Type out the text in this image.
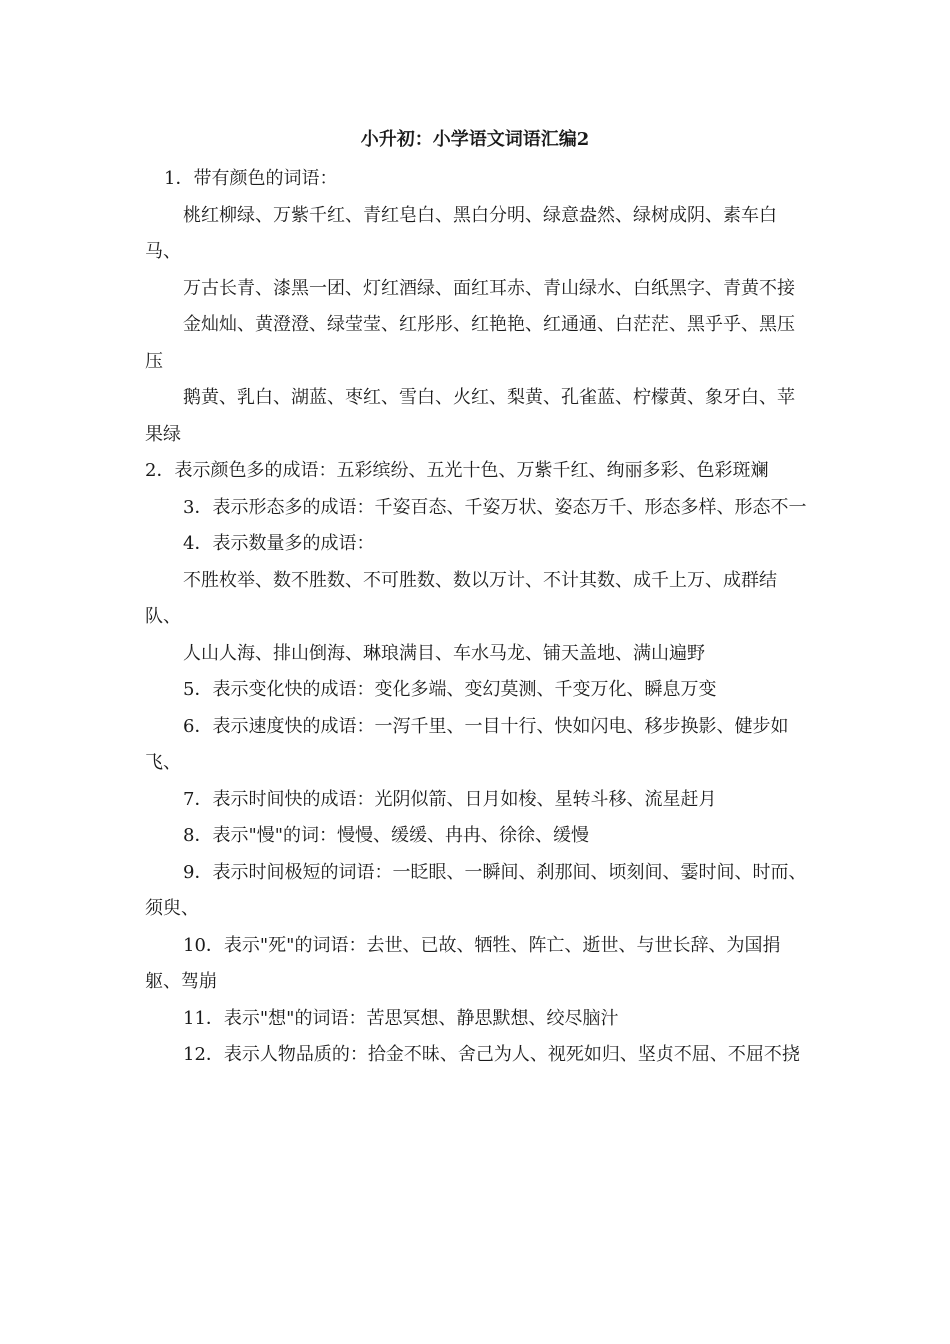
小升初：小学语文词语汇编2

1．带有颜色的词语：

桃红柳绿、万紫千红、青红皂白、黑白分明、绿意盎然、绿树成阴、素车白马、

万古长青、漆黑一团、灯红酒绿、面红耳赤、青山绿水、白纸黑字、青黄不接

金灿灿、黄澄澄、绿莹莹、红彤彤、红艳艳、红通通、白茫茫、黑乎乎、黑压压

鹅黄、乳白、湖蓝、枣红、雪白、火红、梨黄、孔雀蓝、柠檬黄、象牙白、苹果绿

2．表示颜色多的成语：五彩缤纷、五光十色、万紫千红、绚丽多彩、色彩斑斓

3．表示形态多的成语：千姿百态、千姿万状、姿态万千、形态多样、形态不一

4．表示数量多的成语：

不胜枚举、数不胜数、不可胜数、数以万计、不计其数、成千上万、成群结队、

人山人海、排山倒海、琳琅满目、车水马龙、铺天盖地、满山遍野

5．表示变化快的成语：变化多端、变幻莫测、千变万化、瞬息万变

6．表示速度快的成语：一泻千里、一目十行、快如闪电、移步换影、健步如飞、

7．表示时间快的成语：光阴似箭、日月如梭、星转斗移、流星赶月

8．表示"慢"的词：慢慢、缓缓、冉冉、徐徐、缓慢

9．表示时间极短的词语：一眨眼、一瞬间、刹那间、顷刻间、霎时间、时而、须臾、

10．表示"死"的词语：去世、已故、牺牲、阵亡、逝世、与世长辞、为国捐躯、驾崩

11．表示"想"的词语：苦思冥想、静思默想、绞尽脑汁

12．表示人物品质的：拾金不昧、舍己为人、视死如归、坚贞不屈、不屈不挠
